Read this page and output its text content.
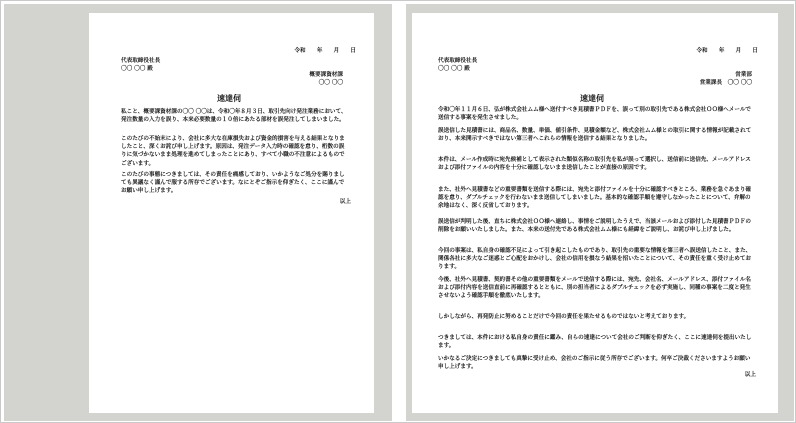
令和　　年　　月　　日
代表取締役社長
〇〇 〇〇 殿
概要課資材課
〇〇 〇〇
速達伺
私こと、概要課資材課の〇〇 〇〇は、令和〇年８月３日、取引先向け発注業務において、発注数量の入力を誤り、本来必要数量の１０倍にあたる部材を誤発注してしまいました。
このたびの不始末により、会社に多大な在庫損失および資金的損害を与える結果となりましたこと、深くお詫び申し上げます。原因は、発注データ入力時の確認を怠り、桁数の誤りに気づかないまま処理を進めてしまったことにあり、すべて小職の不注意によるものでございます。
このたびの事態につきましては、その責任を痛感しており、いかようなご処分を賜りましても異議なく謹んで服する所存でございます。なにとぞご指示を仰ぎたく、ここに謹んでお願い申し上げます。
以上
令和　　年　　月　　日
代表取締役社長
〇〇 〇〇 殿
営業部
営業課長　〇〇 〇〇
速達伺
令和〇年１１月６日、弘が株式会社ムム様へ送付すべき見積書ＰＤＦを、誤って別の取引先である株式会社ＯＯ様へメールで送信する事案を発生させました。
誤送信した見積書には、商品名、数量、単価、値引条件、見積金額など、株式会社ムム様との取引に関する情報が記載されており、本来開示すべきではない第三者へこれらの情報を送信する結果となりました。
本件は、メール作成時に宛先候補として表示された類似名称の取引先を私が誤って選択し、送信前に送信先、メールアドレスおよび添付ファイルの内容を十分に確認しないまま送信したことが直接の原因です。
また、社外へ見積書などの重要書類を送信する際には、宛先と添付ファイルを十分に確認すべきところ、業務を急ぐあまり確認を怠り、ダブルチェックを行わないまま送信してしまいました。基本的な確認手順を遵守しなかったことについて、弁解の余地はなく、深く反省しております。
誤送信が判明した後、直ちに株式会社ＯＯ様へ連絡し、事情をご説明したうえで、当該メールおよび添付した見積書ＰＤＦの削除をお願いいたしました。また、本来の送付先である株式会社ムム様にも経緯をご説明し、お詫び申し上げました。
今回の事案は、私自身の確認不足によって引き起こしたものであり、取引先の重要な情報を第三者へ誤送信したこと、また、関係各社に多大なご迷惑とご心配をおかけし、会社の信用を損なう結果を招いたことについて、その責任を重く受け止めております。
今後、社外へ見積書、契約書その他の重要書類をメールで送信する際には、宛先、会社名、メールアドレス、添付ファイル名および添付内容を送信直前に再確認するとともに、別の担当者によるダブルチェックを必ず実施し、同種の事案を二度と発生させないよう確認手順を徹底いたします。
しかしながら、再発防止に努めることだけで今回の責任を果たせるものではないと考えております。
つきましては、本件における私自身の責任に鑑み、自らの速達について会社のご判断を仰ぎたく、ここに速達伺を提出いたします。
いかなるご決定につきましても真摯に受け止め、会社のご指示に従う所存でございます。何卒ご決裁くださいますようお願い申し上げます。
以上
